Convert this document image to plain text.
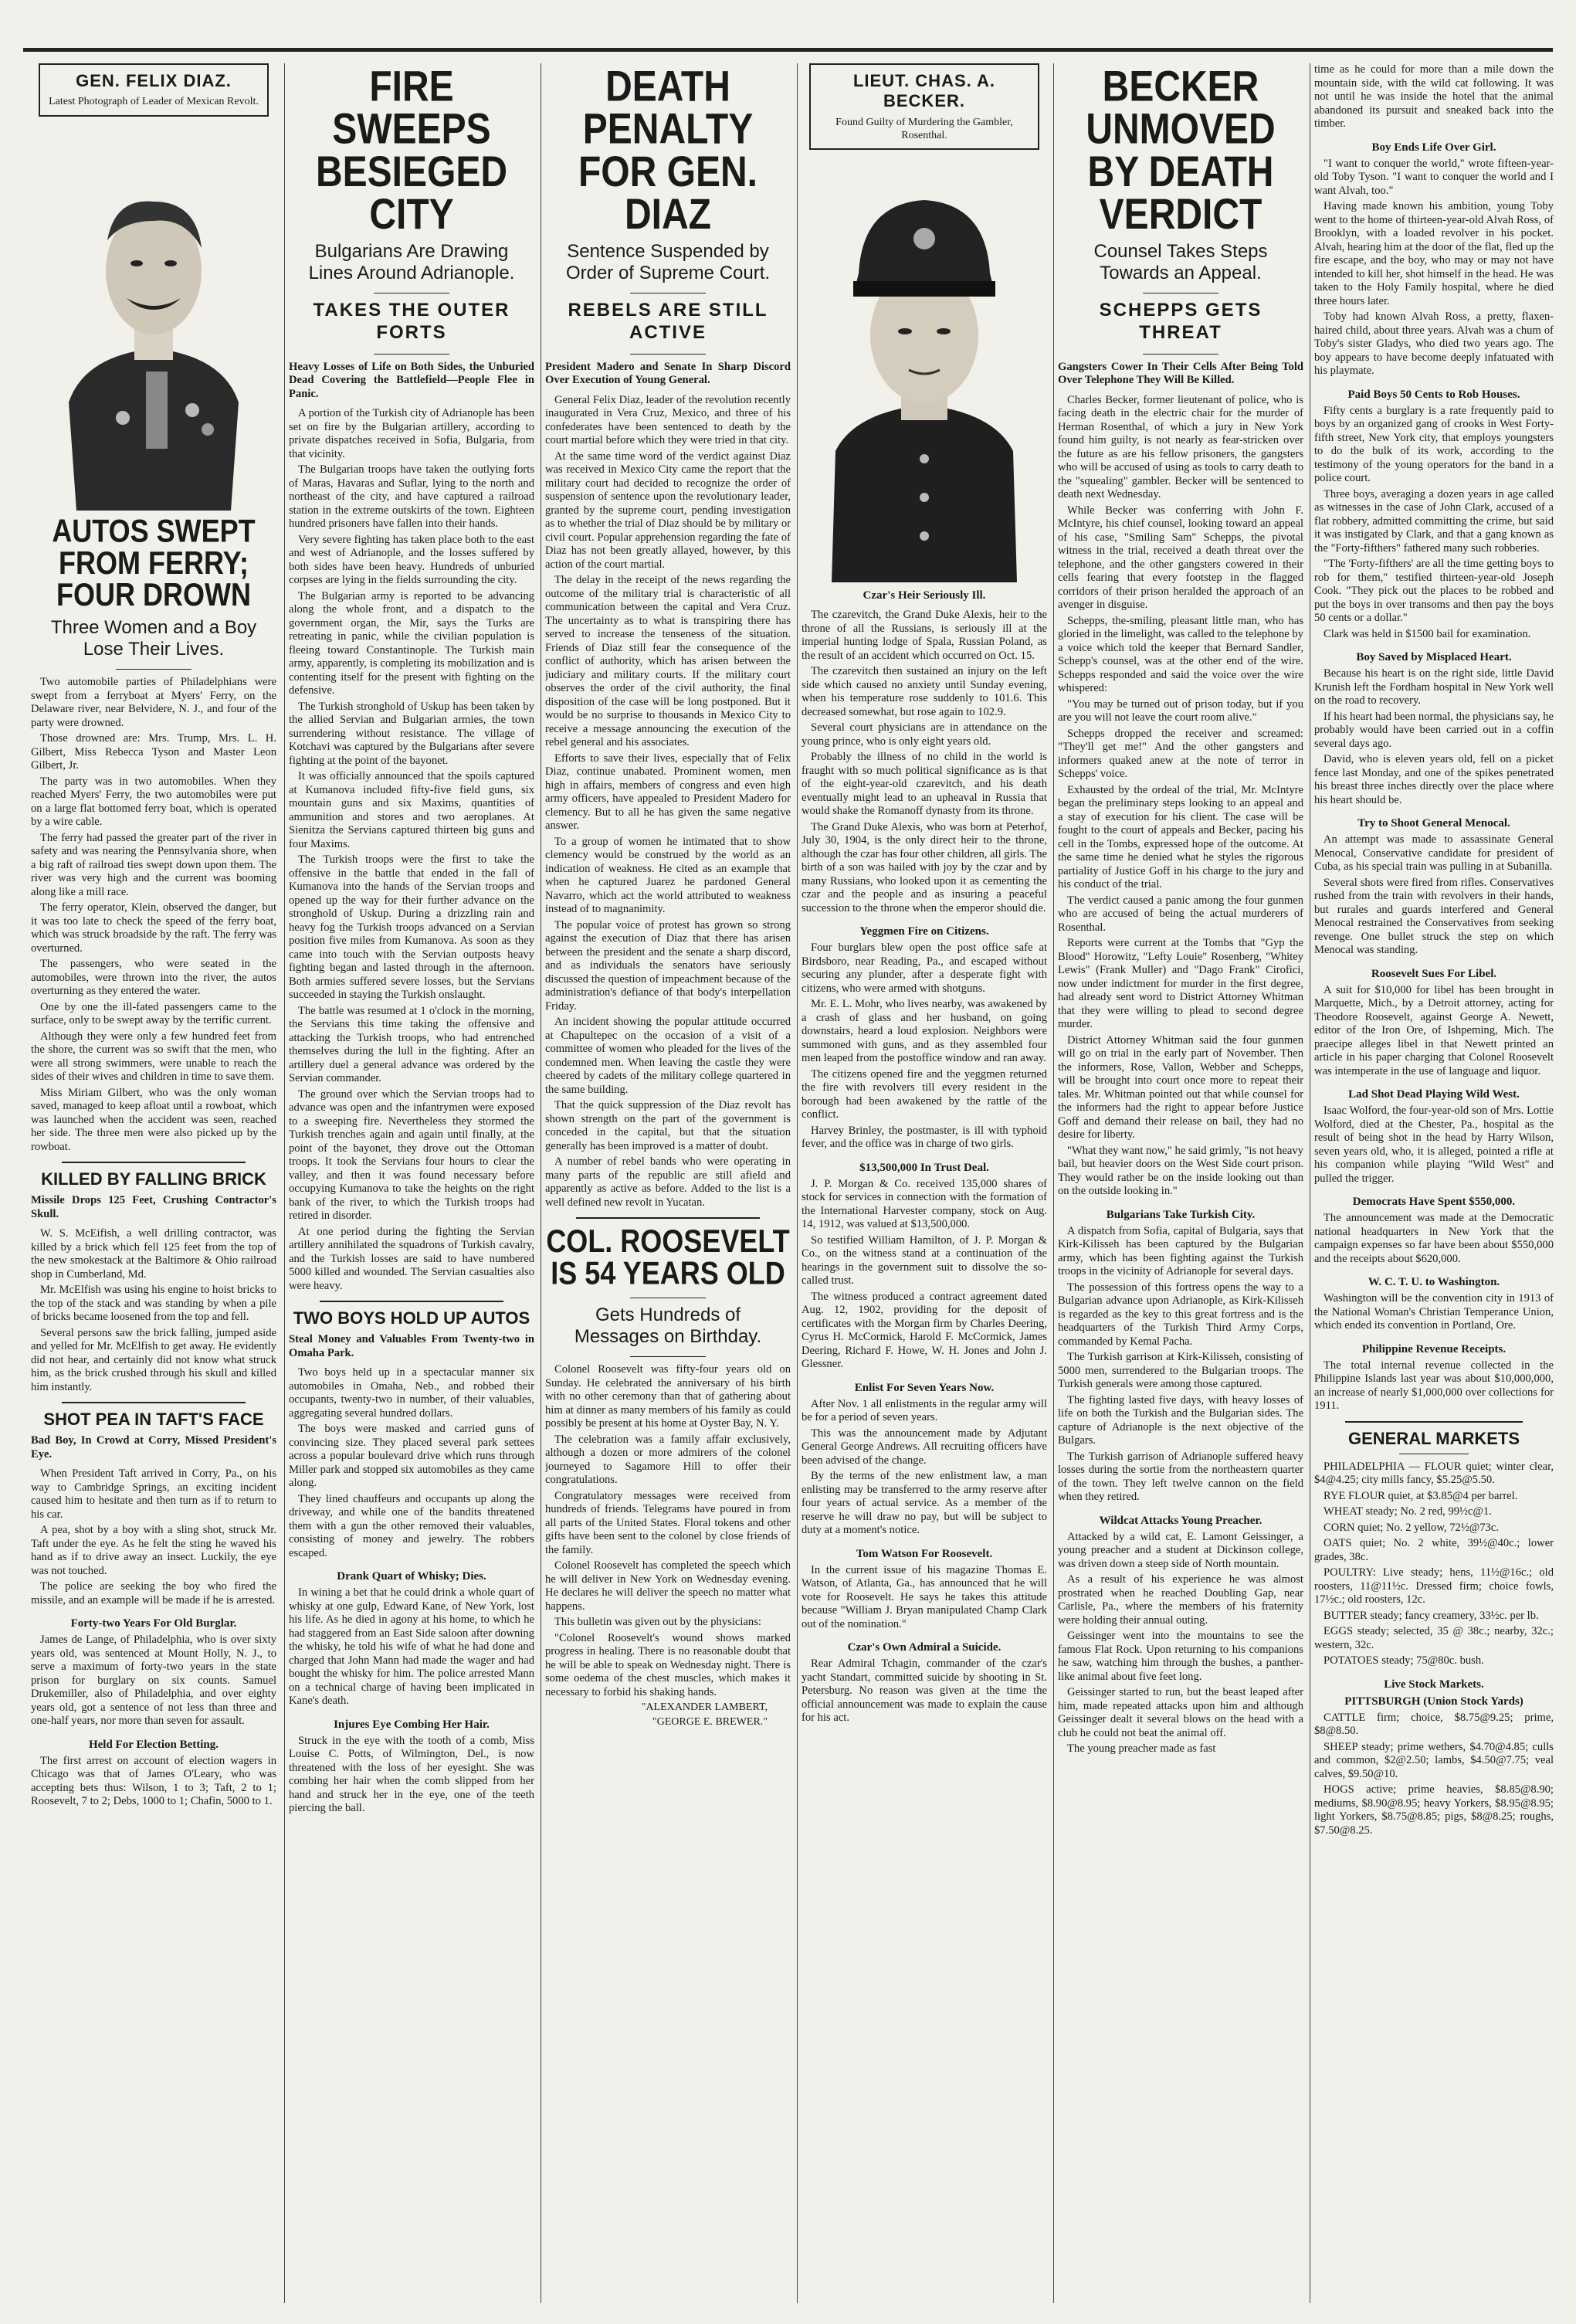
GEN. FELIX DIAZ.
Latest Photograph of Leader of Mexican Revolt.
AUTOS SWEPT FROM FERRY; FOUR DROWN
Three Women and a Boy Lose Their Lives.

Two automobile parties of Philadelphians were swept from a ferryboat at Myers' Ferry, on the Delaware river, near Belvidere, N. J., and four of the party were drowned.

Those drowned are: Mrs. Trump, Mrs. L. H. Gilbert, Miss Rebecca Tyson and Master Leon Gilbert, Jr.

The party was in two automobiles. When they reached Myers' Ferry, the two automobiles were put on a large flat bottomed ferry boat, which is operated by a wire cable.

The ferry had passed the greater part of the river in safety and was nearing the Pennsylvania shore, when a big raft of railroad ties swept down upon them. The river was very high and the current was booming along like a mill race.

The ferry operator, Klein, observed the danger, but it was too late to check the speed of the ferry boat, which was struck broadside by the raft. The ferry was overturned.

The passengers, who were seated in the automobiles, were thrown into the river, the autos overturning as they entered the water.

One by one the ill-fated passengers came to the surface, only to be swept away by the terrific current.

Although they were only a few hundred feet from the shore, the current was so swift that the men, who were all strong swimmers, were unable to reach the sides of their wives and children in time to save them.

Miss Miriam Gilbert, who was the only woman saved, managed to keep afloat until a rowboat, which was launched when the accident was seen, reached her side. The three men were also picked up by the rowboat.

KILLED BY FALLING BRICK
Missile Drops 125 Feet, Crushing Contractor's Skull.

W. S. McEifish, a well drilling contractor, was killed by a brick which fell 125 feet from the top of the new smokestack at the Baltimore & Ohio railroad shop in Cumberland, Md.

Mr. McElfish was using his engine to hoist bricks to the top of the stack and was standing by when a pile of bricks became loosened from the top and fell.

Several persons saw the brick falling, jumped aside and yelled for Mr. McElfish to get away. He evidently did not hear, and certainly did not know what struck him, as the brick crushed through his skull and killed him instantly.

SHOT PEA IN TAFT'S FACE
Bad Boy, In Crowd at Corry, Missed President's Eye.

When President Taft arrived in Corry, Pa., on his way to Cambridge Springs, an exciting incident caused him to hesitate and then turn as if to return to his car.

A pea, shot by a boy with a sling shot, struck Mr. Taft under the eye. As he felt the sting he waved his hand as if to drive away an insect. Luckily, the eye was not touched.

The police are seeking the boy who fired the missile, and an example will be made if he is arrested.

Forty-two Years For Old Burglar.

James de Lange, of Philadelphia, who is over sixty years old, was sentenced at Mount Holly, N. J., to serve a maximum of forty-two years in the state prison for burglary on six counts. Samuel Drukemiller, also of Philadelphia, and over eighty years old, got a sentence of not less than three and one-half years, nor more than seven for assault.

Held For Election Betting.

The first arrest on account of election wagers in Chicago was that of James O'Leary, who was accepting bets thus: Wilson, 1 to 3; Taft, 2 to 1; Roosevelt, 7 to 2; Debs, 1000 to 1; Chafin, 5000 to 1.

FIRE SWEEPS BESIEGED CITY
Bulgarians Are Drawing Lines Around Adrianople.
TAKES THE OUTER FORTS
Heavy Losses of Life on Both Sides, the Unburied Dead Covering the Battlefield—People Flee in Panic.

A portion of the Turkish city of Adrianople has been set on fire by the Bulgarian artillery, according to private dispatches received in Sofia, Bulgaria, from that vicinity.

The Bulgarian troops have taken the outlying forts of Maras, Havaras and Suflar, lying to the north and northeast of the city, and have captured a railroad station in the extreme outskirts of the town. Eighteen hundred prisoners have fallen into their hands.

Very severe fighting has taken place both to the east and west of Adrianople, and the losses suffered by both sides have been heavy. Hundreds of unburied corpses are lying in the fields surrounding the city.

The Bulgarian army is reported to be advancing along the whole front, and a dispatch to the government organ, the Mir, says the Turks are retreating in panic, while the civilian population is fleeing toward Constantinople. The Turkish main army, apparently, is completing its mobilization and is contenting itself for the present with fighting on the defensive.

The Turkish stronghold of Uskup has been taken by the allied Servian and Bulgarian armies, the town surrendering without resistance. The village of Kotchavi was captured by the Bulgarians after severe fighting at the point of the bayonet.

It was officially announced that the spoils captured at Kumanova included fifty-five field guns, six mountain guns and six Maxims, quantities of ammunition and stores and two aeroplanes. At Sienitza the Servians captured thirteen big guns and four Maxims.

The Turkish troops were the first to take the offensive in the battle that ended in the fall of Kumanova into the hands of the Servian troops and opened up the way for their further advance on the stronghold of Uskup. During a drizzling rain and heavy fog the Turkish troops advanced on a Servian position five miles from Kumanova. As soon as they came into touch with the Servian outposts heavy fighting began and lasted through in the afternoon. Both armies suffered severe losses, but the Servians succeeded in staying the Turkish onslaught.

The battle was resumed at 1 o'clock in the morning, the Servians this time taking the offensive and attacking the Turkish troops, who had entrenched themselves during the lull in the fighting. After an artillery duel a general advance was ordered by the Servian commander.

The ground over which the Servian troops had to advance was open and the infantrymen were exposed to a sweeping fire. Nevertheless they stormed the Turkish trenches again and again until finally, at the point of the bayonet, they drove out the Ottoman troops. It took the Servians four hours to clear the valley, and then it was found necessary before occupying Kumanova to take the heights on the right bank of the river, to which the Turkish troops had retired in disorder.

At one period during the fighting the Servian artillery annihilated the squadrons of Turkish cavalry, and the Turkish losses are said to have numbered 5000 killed and wounded. The Servian casualties also were heavy.

TWO BOYS HOLD UP AUTOS
Steal Money and Valuables From Twenty-two in Omaha Park.

Two boys held up in a spectacular manner six automobiles in Omaha, Neb., and robbed their occupants, twenty-two in number, of their valuables, aggregating several hundred dollars.

The boys were masked and carried guns of convincing size. They placed several park settees across a popular boulevard drive which runs through Miller park and stopped six automobiles as they came along.

They lined chauffeurs and occupants up along the driveway, and while one of the bandits threatened them with a gun the other removed their valuables, consisting of money and jewelry. The robbers escaped.

Drank Quart of Whisky; Dies.

In wining a bet that he could drink a whole quart of whisky at one gulp, Edward Kane, of New York, lost his life. As he died in agony at his home, to which he had staggered from an East Side saloon after downing the whisky, he told his wife of what he had done and charged that John Mann had made the wager and had bought the whisky for him. The police arrested Mann on a technical charge of having been implicated in Kane's death.

Injures Eye Combing Her Hair.

Struck in the eye with the tooth of a comb, Miss Louise C. Potts, of Wilmington, Del., is now threatened with the loss of her eyesight. She was combing her hair when the comb slipped from her hand and struck her in the eye, one of the teeth piercing the ball.

DEATH PENALTY FOR GEN. DIAZ
Sentence Suspended by Order of Supreme Court.
REBELS ARE STILL ACTIVE
President Madero and Senate In Sharp Discord Over Execution of Young General.

General Felix Diaz, leader of the revolution recently inaugurated in Vera Cruz, Mexico, and three of his confederates have been sentenced to death by the court martial before which they were tried in that city.

At the same time word of the verdict against Diaz was received in Mexico City came the report that the military court had decided to recognize the order of suspension of sentence upon the revolutionary leader, granted by the supreme court, pending investigation as to whether the trial of Diaz should be by military or civil court. Popular apprehension regarding the fate of Diaz has not been greatly allayed, however, by this action of the court martial.

The delay in the receipt of the news regarding the outcome of the military trial is characteristic of all communication between the capital and Vera Cruz. The uncertainty as to what is transpiring there has served to increase the tenseness of the situation. Friends of Diaz still fear the consequence of the conflict of authority, which has arisen between the judiciary and military courts. If the military court observes the order of the civil authority, the final disposition of the case will be long postponed. But it would be no surprise to thousands in Mexico City to receive a message announcing the execution of the rebel general and his associates.

Efforts to save their lives, especially that of Felix Diaz, continue unabated. Prominent women, men high in affairs, members of congress and even high army officers, have appealed to President Madero for clemency. But to all he has given the same negative answer.

To a group of women he intimated that to show clemency would be construed by the world as an indication of weakness. He cited as an example that when he captured Juarez he pardoned General Navarro, which act the world attributed to weakness instead of to magnanimity.

The popular voice of protest has grown so strong against the execution of Diaz that there has arisen between the president and the senate a sharp discord, and as individuals the senators have seriously discussed the question of impeachment because of the administration's defiance of that body's interpellation Friday.

An incident showing the popular attitude occurred at Chapultepec on the occasion of a visit of a committee of women who pleaded for the lives of the condemned men. When leaving the castle they were cheered by cadets of the military college quartered in the same building.

That the quick suppression of the Diaz revolt has shown strength on the part of the government is conceded in the capital, but that the situation generally has been improved is a matter of doubt.

A number of rebel bands who were operating in many parts of the republic are still afield and apparently as active as before. Added to the list is a well defined new revolt in Yucatan.

COL. ROOSEVELT IS 54 YEARS OLD
Gets Hundreds of Messages on Birthday.

Colonel Roosevelt was fifty-four years old on Sunday. He celebrated the anniversary of his birth with no other ceremony than that of gathering about him at dinner as many members of his family as could possibly be present at his home at Oyster Bay, N. Y.

The celebration was a family affair exclusively, although a dozen or more admirers of the colonel journeyed to Sagamore Hill to offer their congratulations.

Congratulatory messages were received from hundreds of friends. Telegrams have poured in from all parts of the United States. Floral tokens and other gifts have been sent to the colonel by close friends of the family.

Colonel Roosevelt has completed the speech which he will deliver in New York on Wednesday evening. He declares he will deliver the speech no matter what happens.

This bulletin was given out by the physicians:

"Colonel Roosevelt's wound shows marked progress in healing. There is no reasonable doubt that he will be able to speak on Wednesday night. There is some oedema of the chest muscles, which makes it necessary to forbid his shaking hands.

"ALEXANDER LAMBERT,
"GEORGE E. BREWER."
LIEUT. CHAS. A. BECKER.
Found Guilty of Murdering the Gambler, Rosenthal.
Czar's Heir Seriously Ill.

The czarevitch, the Grand Duke Alexis, heir to the throne of all the Russians, is seriously ill at the imperial hunting lodge of Spala, Russian Poland, as the result of an accident which occurred on Oct. 15.

The czarevitch then sustained an injury on the left side which caused no anxiety until Sunday evening, when his temperature rose suddenly to 101.6. This decreased somewhat, but rose again to 102.9.

Several court physicians are in attendance on the young prince, who is only eight years old.

Probably the illness of no child in the world is fraught with so much political significance as is that of the eight-year-old czarevitch, and his death eventually might lead to an upheaval in Russia that would shake the Romanoff dynasty from its throne.

The Grand Duke Alexis, who was born at Peterhof, July 30, 1904, is the only direct heir to the throne, although the czar has four other children, all girls. The birth of a son was hailed with joy by the czar and by many Russians, who looked upon it as cementing the czar and the people and as insuring a peaceful succession to the throne when the emperor should die.

Yeggmen Fire on Citizens.

Four burglars blew open the post office safe at Birdsboro, near Reading, Pa., and escaped without securing any plunder, after a desperate fight with citizens, who were armed with shotguns.

Mr. E. L. Mohr, who lives nearby, was awakened by a crash of glass and her husband, on going downstairs, heard a loud explosion. Neighbors were summoned with guns, and as they assembled four men leaped from the postoffice window and ran away.

The citizens opened fire and the yeggmen returned the fire with revolvers till every resident in the borough had been awakened by the rattle of the conflict.

Harvey Brinley, the postmaster, is ill with typhoid fever, and the office was in charge of two girls.

$13,500,000 In Trust Deal.

J. P. Morgan & Co. received 135,000 shares of stock for services in connection with the formation of the International Harvester company, stock on Aug. 14, 1912, was valued at $13,500,000.

So testified William Hamilton, of J. P. Morgan & Co., on the witness stand at a continuation of the hearings in the government suit to dissolve the so-called trust.

The witness produced a contract agreement dated Aug. 12, 1902, providing for the deposit of certificates with the Morgan firm by Charles Deering, Cyrus H. McCormick, Harold F. McCormick, James Deering, Richard F. Howe, W. H. Jones and John J. Glessner.

Enlist For Seven Years Now.

After Nov. 1 all enlistments in the regular army will be for a period of seven years.

This was the announcement made by Adjutant General George Andrews. All recruiting officers have been advised of the change.

By the terms of the new enlistment law, a man enlisting may be transferred to the army reserve after four years of actual service. As a member of the reserve he will draw no pay, but will be subject to duty at a moment's notice.

Tom Watson For Roosevelt.

In the current issue of his magazine Thomas E. Watson, of Atlanta, Ga., has announced that he will vote for Roosevelt. He says he takes this attitude because "William J. Bryan manipulated Champ Clark out of the nomination."

Czar's Own Admiral a Suicide.

Rear Admiral Tchagin, commander of the czar's yacht Standart, committed suicide by shooting in St. Petersburg. No reason was given at the time the official announcement was made to explain the cause for his act.

BECKER UNMOVED BY DEATH VERDICT
Counsel Takes Steps Towards an Appeal.
SCHEPPS GETS THREAT
Gangsters Cower In Their Cells After Being Told Over Telephone They Will Be Killed.

Charles Becker, former lieutenant of police, who is facing death in the electric chair for the murder of Herman Rosenthal, of which a jury in New York found him guilty, is not nearly as fear-stricken over the future as are his fellow prisoners, the gangsters who will be accused of using as tools to carry death to the "squealing" gambler. Becker will be sentenced to death next Wednesday.

While Becker was conferring with John F. McIntyre, his chief counsel, looking toward an appeal of his case, "Smiling Sam" Schepps, the pivotal witness in the trial, received a death threat over the telephone, and the other gangsters cowered in their cells fearing that every footstep in the flagged corridors of their prison heralded the approach of an avenger in disguise.

Schepps, the-smiling, pleasant little man, who has gloried in the limelight, was called to the telephone by a voice which told the keeper that Bernard Sandler, Schepp's counsel, was at the other end of the wire. Schepps responded and said the voice over the wire whispered:

"You may be turned out of prison today, but if you are you will not leave the court room alive."

Schepps dropped the receiver and screamed: "They'll get me!" And the other gangsters and informers quaked anew at the note of terror in Schepps' voice.

Exhausted by the ordeal of the trial, Mr. McIntyre began the preliminary steps looking to an appeal and a stay of execution for his client. The case will be fought to the court of appeals and Becker, pacing his cell in the Tombs, expressed hope of the outcome. At the same time he denied what he styles the rigorous partiality of Justice Goff in his charge to the jury and his conduct of the trial.

The verdict caused a panic among the four gunmen who are accused of being the actual murderers of Rosenthal.

Reports were current at the Tombs that "Gyp the Blood" Horowitz, "Lefty Louie" Rosenberg, "Whitey Lewis" (Frank Muller) and "Dago Frank" Cirofici, now under indictment for murder in the first degree, had already sent word to District Attorney Whitman that they were willing to plead to second degree murder.

District Attorney Whitman said the four gunmen will go on trial in the early part of November. Then the informers, Rose, Vallon, Webber and Schepps, will be brought into court once more to repeat their tales. Mr. Whitman pointed out that while counsel for the informers had the right to appear before Justice Goff and demand their release on bail, they had no desire for liberty.

"What they want now," he said grimly, "is not heavy bail, but heavier doors on the West Side court prison. They would rather be on the inside looking out than on the outside looking in."

Bulgarians Take Turkish City.

A dispatch from Sofia, capital of Bulgaria, says that Kirk-Kilisseh has been captured by the Bulgarian army, which has been fighting against the Turkish troops in the vicinity of Adrianople for several days.

The possession of this fortress opens the way to a Bulgarian advance upon Adrianople, as Kirk-Kilisseh is regarded as the key to this great fortress and is the headquarters of the Turkish Third Army Corps, commanded by Kemal Pacha.

The Turkish garrison at Kirk-Kilisseh, consisting of 5000 men, surrendered to the Bulgarian troops. The Turkish generals were among those captured.

The fighting lasted five days, with heavy losses of life on both the Turkish and the Bulgarian sides. The capture of Adrianople is the next objective of the Bulgars.

The Turkish garrison of Adrianople suffered heavy losses during the sortie from the northeastern quarter of the town. They left twelve cannon on the field when they retired.

Wildcat Attacks Young Preacher.

Attacked by a wild cat, E. Lamont Geissinger, a young preacher and a student at Dickinson college, was driven down a steep side of North mountain.

As a result of his experience he was almost prostrated when he reached Doubling Gap, near Carlisle, Pa., where the members of his fraternity were holding their annual outing.

Geissinger went into the mountains to see the famous Flat Rock. Upon returning to his companions he saw, watching him through the bushes, a panther-like animal about five feet long.

Geissinger started to run, but the beast leaped after him, made repeated attacks upon him and although Geissinger dealt it several blows on the head with a club he could not beat the animal off.

The young preacher made as fast

time as he could for more than a mile down the mountain side, with the wild cat following. It was not until he was inside the hotel that the animal abandoned its pursuit and sneaked back into the timber.

Boy Ends Life Over Girl.

"I want to conquer the world," wrote fifteen-year-old Toby Tyson. "I want to conquer the world and I want Alvah, too."

Having made known his ambition, young Toby went to the home of thirteen-year-old Alvah Ross, of Brooklyn, with a loaded revolver in his pocket. Alvah, hearing him at the door of the flat, fled up the fire escape, and the boy, who may or may not have intended to kill her, shot himself in the head. He was taken to the Holy Family hospital, where he died three hours later.

Toby had known Alvah Ross, a pretty, flaxen-haired child, about three years. Alvah was a chum of Toby's sister Gladys, who died two years ago. The boy appears to have become deeply infatuated with his playmate.

Paid Boys 50 Cents to Rob Houses.

Fifty cents a burglary is a rate frequently paid to boys by an organized gang of crooks in West Forty-fifth street, New York city, that employs youngsters to do the bulk of its work, according to the testimony of the young operators for the band in a police court.

Three boys, averaging a dozen years in age called as witnesses in the case of John Clark, accused of a flat robbery, admitted committing the crime, but said it was instigated by Clark, and that a gang known as the "Forty-fifthers" fathered many such robberies.

"The 'Forty-fifthers' are all the time getting boys to rob for them," testified thirteen-year-old Joseph Cook. "They pick out the places to be robbed and put the boys in over transoms and then pay the boys 50 cents or a dollar."

Clark was held in $1500 bail for examination.

Boy Saved by Misplaced Heart.

Because his heart is on the right side, little David Krunish left the Fordham hospital in New York well on the road to recovery.

If his heart had been normal, the physicians say, he probably would have been carried out in a coffin several days ago.

David, who is eleven years old, fell on a picket fence last Monday, and one of the spikes penetrated his breast three inches directly over the place where his heart should be.

Try to Shoot General Menocal.

An attempt was made to assassinate General Menocal, Conservative candidate for president of Cuba, as his special train was pulling in at Subanilla.

Several shots were fired from rifles. Conservatives rushed from the train with revolvers in their hands, but rurales and guards interfered and General Menocal restrained the Conservatives from seeking revenge. One bullet struck the step on which Menocal was standing.

Roosevelt Sues For Libel.

A suit for $10,000 for libel has been brought in Marquette, Mich., by a Detroit attorney, acting for Theodore Roosevelt, against George A. Newett, editor of the Iron Ore, of Ishpeming, Mich. The praecipe alleges libel in that Newett printed an article in his paper charging that Colonel Roosevelt was intemperate in the use of language and liquor.

Lad Shot Dead Playing Wild West.

Isaac Wolford, the four-year-old son of Mrs. Lottie Wolford, died at the Chester, Pa., hospital as the result of being shot in the head by Harry Wilson, seven years old, who, it is alleged, pointed a rifle at his companion while playing "Wild West" and pulled the trigger.

Democrats Have Spent $550,000.

The announcement was made at the Democratic national headquarters in New York that the campaign expenses so far have been about $550,000 and the receipts about $620,000.

W. C. T. U. to Washington.

Washington will be the convention city in 1913 of the National Woman's Christian Temperance Union, which ended its convention in Portland, Ore.

Philippine Revenue Receipts.

The total internal revenue collected in the Philippine Islands last year was about $10,000,000, an increase of nearly $1,000,000 over collections for 1911.

GENERAL MARKETS

PHILADELPHIA — FLOUR quiet; winter clear, $4@4.25; city mills fancy, $5.25@5.50.

RYE FLOUR quiet, at $3.85@4 per barrel.

WHEAT steady; No. 2 red, 99½c@1.

CORN quiet; No. 2 yellow, 72½@73c.

OATS quiet; No. 2 white, 39½@40c.; lower grades, 38c.

POULTRY: Live steady; hens, 11½@16c.; old roosters, 11@11½c. Dressed firm; choice fowls, 17½c.; old roosters, 12c.

BUTTER steady; fancy creamery, 33½c. per lb.

EGGS steady; selected, 35 @ 38c.; nearby, 32c.; western, 32c.

POTATOES steady; 75@80c. bush.

Live Stock Markets.
PITTSBURGH (Union Stock Yards)

CATTLE firm; choice, $8.75@9.25; prime, $8@8.50.

SHEEP steady; prime wethers, $4.70@4.85; culls and common, $2@2.50; lambs, $4.50@7.75; veal calves, $9.50@10.

HOGS active; prime heavies, $8.85@8.90; mediums, $8.90@8.95; heavy Yorkers, $8.95@8.95; light Yorkers, $8.75@8.85; pigs, $8@8.25; roughs, $7.50@8.25.
